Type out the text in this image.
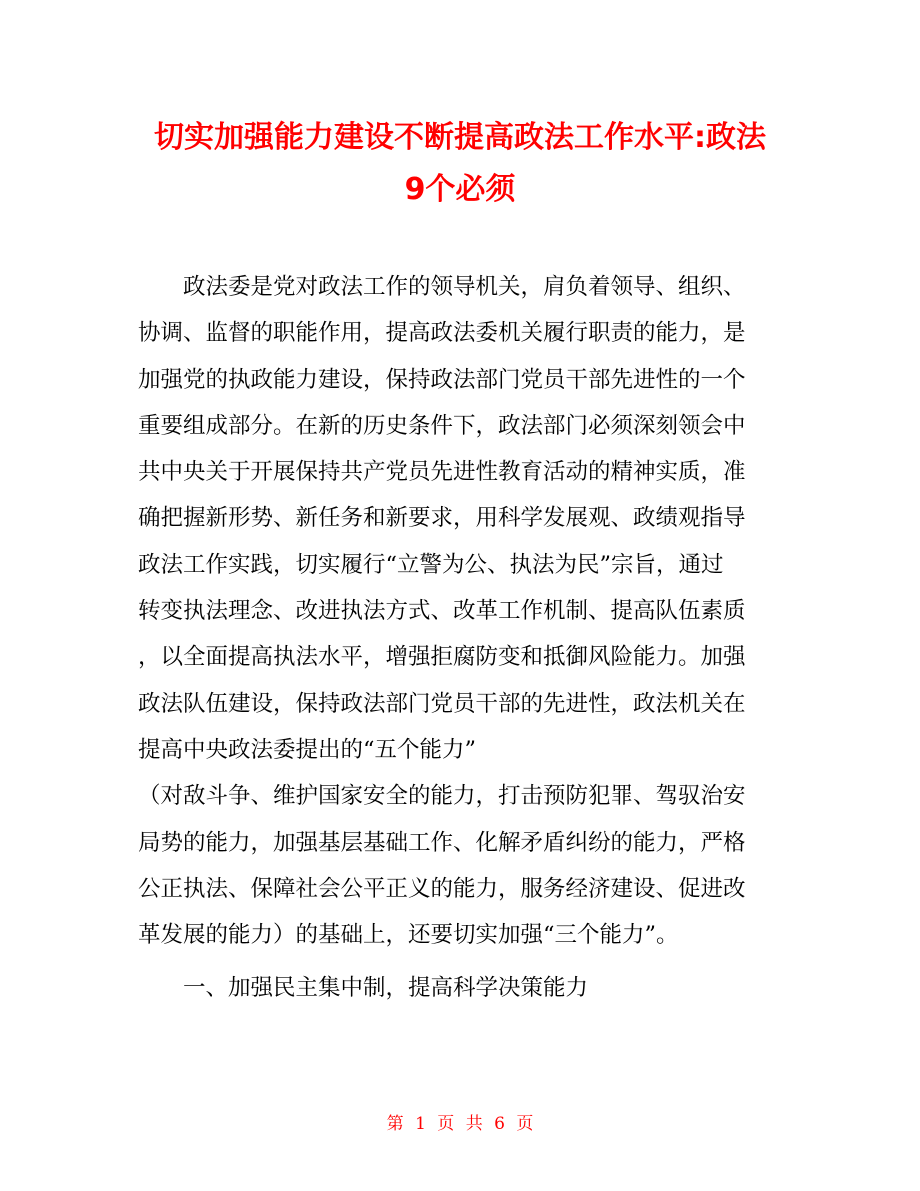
切实加强能力建设不断提高政法工作水平:政法
9个必须
政法委是党对政法工作的领导机关，肩负着领导、组织、
协调、监督的职能作用，提高政法委机关履行职责的能力，是
加强党的执政能力建设，保持政法部门党员干部先进性的一个
重要组成部分。在新的历史条件下，政法部门必须深刻领会中
共中央关于开展保持共产党员先进性教育活动的精神实质，准
确把握新形势、新任务和新要求，用科学发展观、政绩观指导
政法工作实践，切实履行“立警为公、执法为民”宗旨，通过
转变执法理念、改进执法方式、改革工作机制、提高队伍素质
，以全面提高执法水平，增强拒腐防变和抵御风险能力。加强
政法队伍建设，保持政法部门党员干部的先进性，政法机关在
提高中央政法委提出的“五个能力”
（对敌斗争、维护国家安全的能力，打击预防犯罪、驾驭治安
局势的能力，加强基层基础工作、化解矛盾纠纷的能力，严格
公正执法、保障社会公平正义的能力，服务经济建设、促进改
革发展的能力）的基础上，还要切实加强“三个能力”。
一、加强民主集中制，提高科学决策能力
第 1 页 共 6 页
